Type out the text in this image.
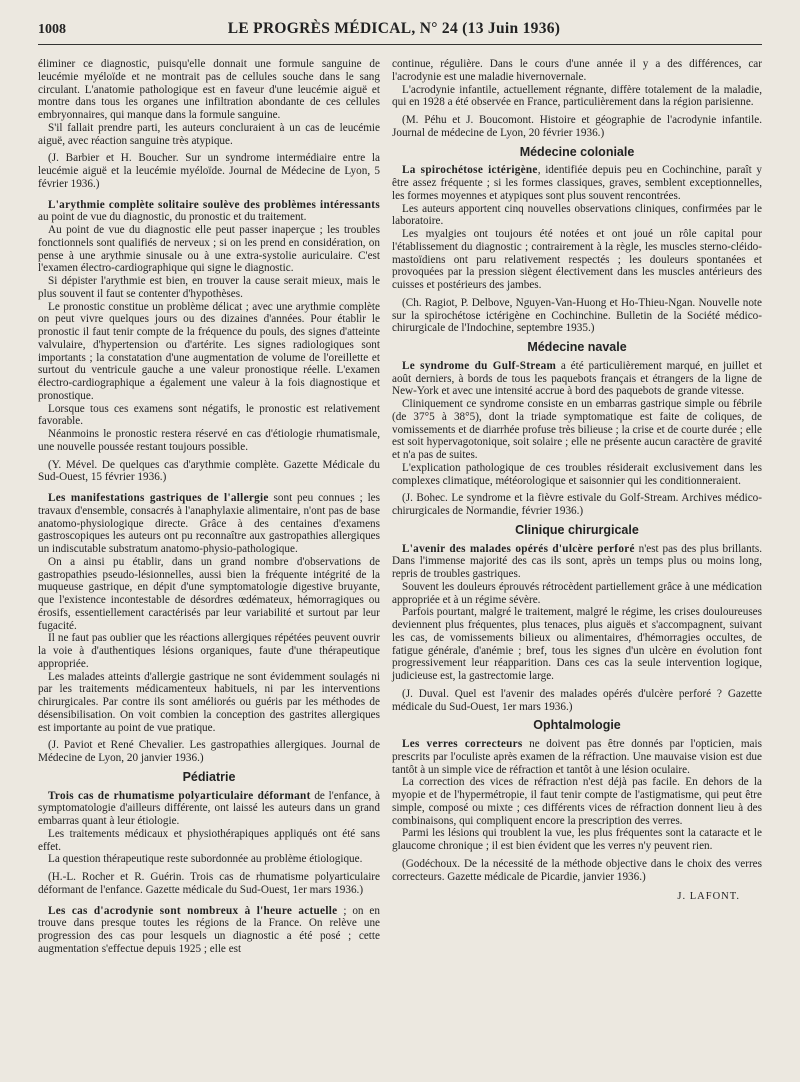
1008	LE PROGRÈS MÉDICAL, N° 24 (13 Juin 1936)

éliminer ce diagnostic, puisqu'elle donnait une formule sanguine de leucémie myéloïde et ne montrait pas de cellules souche dans le sang circulant. L'anatomie pathologique est en faveur d'une leucémie aiguë et montre dans tous les organes une infiltration abondante de ces cellules embryonnaires, qui manque dans la formule sanguine.

S'il fallait prendre parti, les auteurs concluraient à un cas de leucémie aiguë, avec réaction sanguine très atypique.

(J. Barbier et H. Boucher. Sur un syndrome intermédiaire entre la leucémie aiguë et la leucémie myéloïde. Journal de Médecine de Lyon, 5 février 1936.)

L'arythmie complète solitaire soulève des problèmes intéressants au point de vue du diagnostic, du pronostic et du traitement.

Au point de vue du diagnostic elle peut passer inaperçue ; les troubles fonctionnels sont qualifiés de nerveux ; si on les prend en considération, on pense à une arythmie sinusale ou à une extra-systolie auriculaire. C'est l'examen électro-cardiographique qui signe le diagnostic.

Si dépister l'arythmie est bien, en trouver la cause serait mieux, mais le plus souvent il faut se contenter d'hypothèses.

Le pronostic constitue un problème délicat ; avec une arythmie complète on peut vivre quelques jours ou des dizaines d'années. Pour établir le pronostic il faut tenir compte de la fréquence du pouls, des signes d'atteinte valvulaire, d'hypertension ou d'artérite. Les signes radiologiques sont importants ; la constatation d'une augmentation de volume de l'oreillette et surtout du ventricule gauche a une valeur pronostique réelle. L'examen électro-cardiographique a également une valeur à la fois diagnostique et pronostique.

Lorsque tous ces examens sont négatifs, le pronostic est relativement favorable.

Néanmoins le pronostic restera réservé en cas d'étiologie rhumatismale, une nouvelle poussée restant toujours possible.

(Y. Mével. De quelques cas d'arythmie complète. Gazette Médicale du Sud-Ouest, 15 février 1936.)

Les manifestations gastriques de l'allergie sont peu connues ; les travaux d'ensemble, consacrés à l'anaphylaxie alimentaire, n'ont pas de base anatomo-physiologique directe. Grâce à des centaines d'examens gastroscopiques les auteurs ont pu reconnaître aux gastropathies allergiques un indiscutable substratum anatomo-physio-pathologique.

On a ainsi pu établir, dans un grand nombre d'observations de gastropathies pseudo-lésionnelles, aussi bien la fréquente intégrité de la muqueuse gastrique, en dépit d'une symptomatologie digestive bruyante, que l'existence incontestable de désordres œdémateux, hémorragiques ou érosifs, essentiellement caractérisés par leur variabilité et surtout par leur fugacité.

Il ne faut pas oublier que les réactions allergiques répétées peuvent ouvrir la voie à d'authentiques lésions organiques, faute d'une thérapeutique appropriée.

Les malades atteints d'allergie gastrique ne sont évidemment soulagés ni par les traitements médicamenteux habituels, ni par les interventions chirurgicales. Par contre ils sont améliorés ou guéris par les méthodes de désensibilisation. On voit combien la conception des gastrites allergiques est importante au point de vue pratique.

(J. Paviot et René Chevalier. Les gastropathies allergiques. Journal de Médecine de Lyon, 20 janvier 1936.)

Pédiatrie

Trois cas de rhumatisme polyarticulaire déformant de l'enfance, à symptomatologie d'ailleurs différente, ont laissé les auteurs dans un grand embarras quant à leur étiologie.

Les traitements médicaux et physiothérapiques appliqués ont été sans effet.

La question thérapeutique reste subordonnée au problème étiologique.

(H.-L. Rocher et R. Guérin. Trois cas de rhumatisme polyarticulaire déformant de l'enfance. Gazette médicale du Sud-Ouest, 1er mars 1936.)

Les cas d'acrodynie sont nombreux à l'heure actuelle ; on en trouve dans presque toutes les régions de la France. On relève une progression des cas pour lesquels un diagnostic a été posé ; cette augmentation s'effectue depuis 1925 ; elle est

continue, régulière. Dans le cours d'une année il y a des différences, car l'acrodynie est une maladie hivernovernale.

L'acrodynie infantile, actuellement régnante, diffère totalement de la maladie, qui en 1928 a été observée en France, particulièrement dans la région parisienne.

(M. Péhu et J. Boucomont. Histoire et géographie de l'acrodynie infantile. Journal de médecine de Lyon, 20 février 1936.)

Médecine coloniale

La spirochétose ictérigène, identifiée depuis peu en Cochinchine, paraît y être assez fréquente ; si les formes classiques, graves, semblent exceptionnelles, les formes moyennes et atypiques sont plus souvent rencontrées.

Les auteurs apportent cinq nouvelles observations cliniques, confirmées par le laboratoire.

Les myalgies ont toujours été notées et ont joué un rôle capital pour l'établissement du diagnostic ; contrairement à la règle, les muscles sterno-cléido-mastoïdiens ont paru relativement respectés ; les douleurs spontanées et provoquées par la pression siègent électivement dans les muscles antérieurs des cuisses et postérieurs des jambes.

(Ch. Ragiot, P. Delbove, Nguyen-Van-Huong et Ho-Thieu-Ngan. Nouvelle note sur la spirochétose ictérigène en Cochinchine. Bulletin de la Société médico-chirurgicale de l'Indochine, septembre 1935.)

Médecine navale

Le syndrome du Gulf-Stream a été particulièrement marqué, en juillet et août derniers, à bords de tous les paquebots français et étrangers de la ligne de New-York et avec une intensité accrue à bord des paquebots de grande vitesse.

Cliniquement ce syndrome consiste en un embarras gastrique simple ou fébrile (de 37°5 à 38°5), dont la triade symptomatique est faite de coliques, de vomissements et de diarrhée profuse très bilieuse ; la crise et de courte durée ; elle est soit hypervagotonique, soit solaire ; elle ne présente aucun caractère de gravité et n'a pas de suites.

L'explication pathologique de ces troubles résiderait exclusivement dans les complexes climatique, météorologique et saisonnier qui les conditionneraient.

(J. Bohec. Le syndrome et la fièvre estivale du Golf-Stream. Archives médico-chirurgicales de Normandie, février 1936.)

Clinique chirurgicale

L'avenir des malades opérés d'ulcère perforé n'est pas des plus brillants. Dans l'immense majorité des cas ils sont, après un temps plus ou moins long, repris de troubles gastriques.

Souvent les douleurs éprouvés rétrocèdent partiellement grâce à une médication appropriée et à un régime sévère.

Parfois pourtant, malgré le traitement, malgré le régime, les crises douloureuses deviennent plus fréquentes, plus tenaces, plus aiguës et s'accompagnent, suivant les cas, de vomissements bilieux ou alimentaires, d'hémorragies occultes, de fatigue générale, d'anémie ; bref, tous les signes d'un ulcère en évolution font progressivement leur réapparition. Dans ces cas la seule intervention logique, judicieuse est, la gastrectomie large.

(J. Duval. Quel est l'avenir des malades opérés d'ulcère perforé ? Gazette médicale du Sud-Ouest, 1er mars 1936.)

Ophtalmologie

Les verres correcteurs ne doivent pas être donnés par l'opticien, mais prescrits par l'oculiste après examen de la réfraction. Une mauvaise vision est due tantôt à un simple vice de réfraction et tantôt à une lésion oculaire.

La correction des vices de réfraction n'est déjà pas facile. En dehors de la myopie et de l'hypermétropie, il faut tenir compte de l'astigmatisme, qui peut être simple, composé ou mixte ; ces différents vices de réfraction donnent lieu à des combinaisons, qui compliquent encore la prescription des verres.

Parmi les lésions qui troublent la vue, les plus fréquentes sont la cataracte et le glaucome chronique ; il est bien évident que les verres n'y peuvent rien.

(Godéchoux. De la nécessité de la méthode objective dans le choix des verres correcteurs. Gazette médicale de Picardie, janvier 1936.)

J. LAFONT.
